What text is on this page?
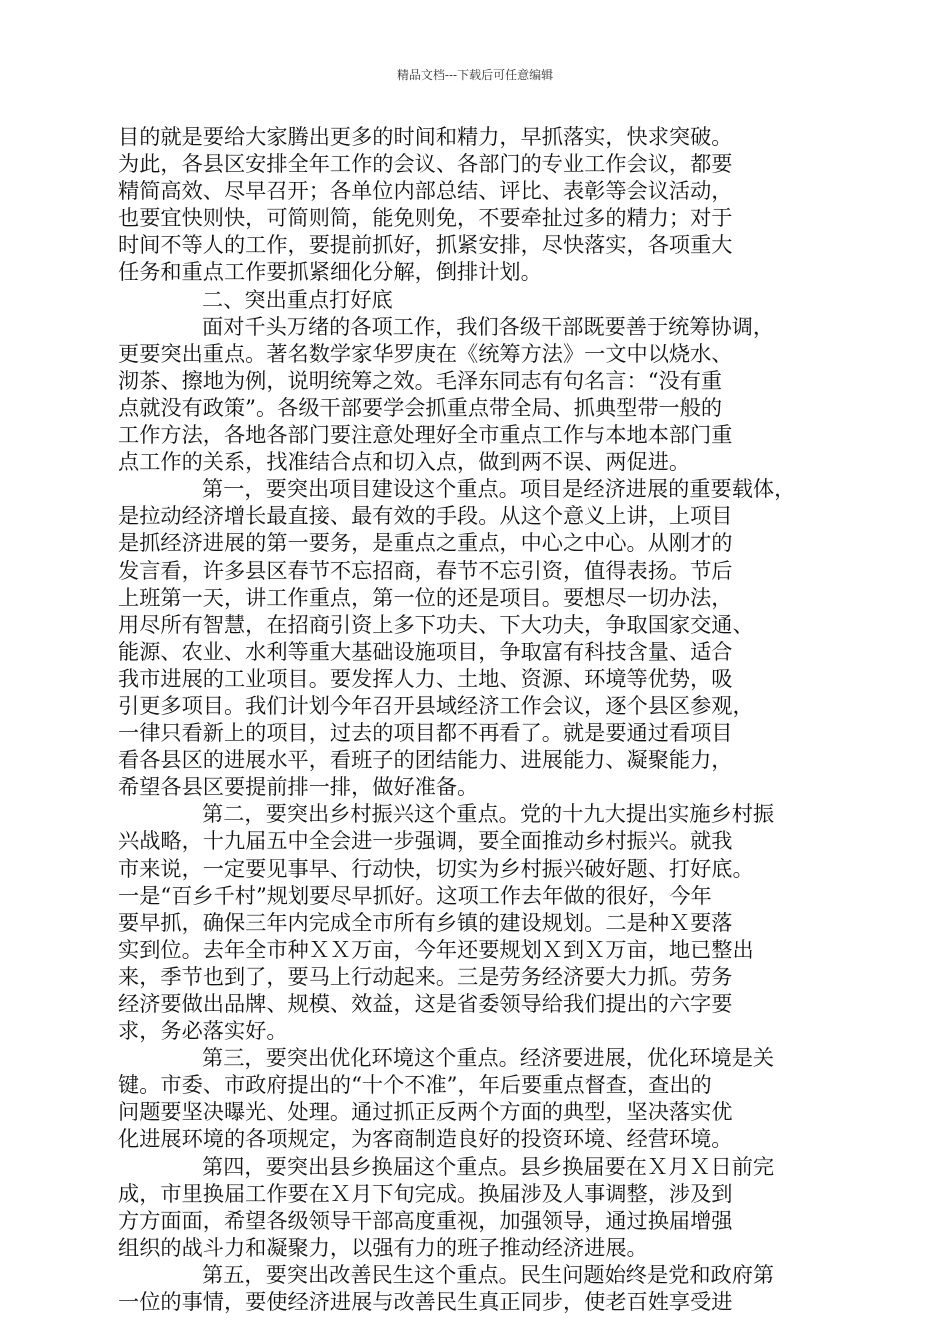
精品文档---下载后可任意编辑
目的就是要给大家腾出更多的时间和精力，早抓落实，快求突破。
为此，各县区安排全年工作的会议、各部门的专业工作会议，都要
精简高效、尽早召开；各单位内部总结、评比、表彰等会议活动，
也要宜快则快，可简则简，能免则免，不要牵扯过多的精力；对于
时间不等人的工作，要提前抓好，抓紧安排，尽快落实，各项重大
任务和重点工作要抓紧细化分解，倒排计划。
二、突出重点打好底
面对千头万绪的各项工作，我们各级干部既要善于统筹协调，
更要突出重点。著名数学家华罗庚在《统筹方法》一文中以烧水、
沏茶、擦地为例，说明统筹之效。毛泽东同志有句名言：“没有重
点就没有政策”。各级干部要学会抓重点带全局、抓典型带一般的
工作方法，各地各部门要注意处理好全市重点工作与本地本部门重
点工作的关系，找准结合点和切入点，做到两不误、两促进。
第一，要突出项目建设这个重点。项目是经济进展的重要载体，
是拉动经济增长最直接、最有效的手段。从这个意义上讲，上项目
是抓经济进展的第一要务，是重点之重点，中心之中心。从刚才的
发言看，许多县区春节不忘招商，春节不忘引资，值得表扬。节后
上班第一天，讲工作重点，第一位的还是项目。要想尽一切办法，
用尽所有智慧，在招商引资上多下功夫、下大功夫，争取国家交通、
能源、农业、水利等重大基础设施项目，争取富有科技含量、适合
我市进展的工业项目。要发挥人力、土地、资源、环境等优势，吸
引更多项目。我们计划今年召开县域经济工作会议，逐个县区参观，
一律只看新上的项目，过去的项目都不再看了。就是要通过看项目
看各县区的进展水平，看班子的团结能力、进展能力、凝聚能力，
希望各县区要提前排一排，做好准备。
第二，要突出乡村振兴这个重点。党的十九大提出实施乡村振
兴战略，十九届五中全会进一步强调，要全面推动乡村振兴。就我
市来说，一定要见事早、行动快，切实为乡村振兴破好题、打好底。
一是“百乡千村”规划要尽早抓好。这项工作去年做的很好，今年
要早抓，确保三年内完成全市所有乡镇的建设规划。二是种Ｘ要落
实到位。去年全市种ＸＸ万亩，今年还要规划Ｘ到Ｘ万亩，地已整出
来，季节也到了，要马上行动起来。三是劳务经济要大力抓。劳务
经济要做出品牌、规模、效益，这是省委领导给我们提出的六字要
求，务必落实好。
第三，要突出优化环境这个重点。经济要进展，优化环境是关
键。市委、市政府提出的“十个不准”，年后要重点督查，查出的
问题要坚决曝光、处理。通过抓正反两个方面的典型，坚决落实优
化进展环境的各项规定，为客商制造良好的投资环境、经营环境。
第四，要突出县乡换届这个重点。县乡换届要在Ｘ月Ｘ日前完
成，市里换届工作要在Ｘ月下旬完成。换届涉及人事调整，涉及到
方方面面，希望各级领导干部高度重视，加强领导，通过换届增强
组织的战斗力和凝聚力，以强有力的班子推动经济进展。
第五，要突出改善民生这个重点。民生问题始终是党和政府第
一位的事情，要使经济进展与改善民生真正同步，使老百姓享受进
